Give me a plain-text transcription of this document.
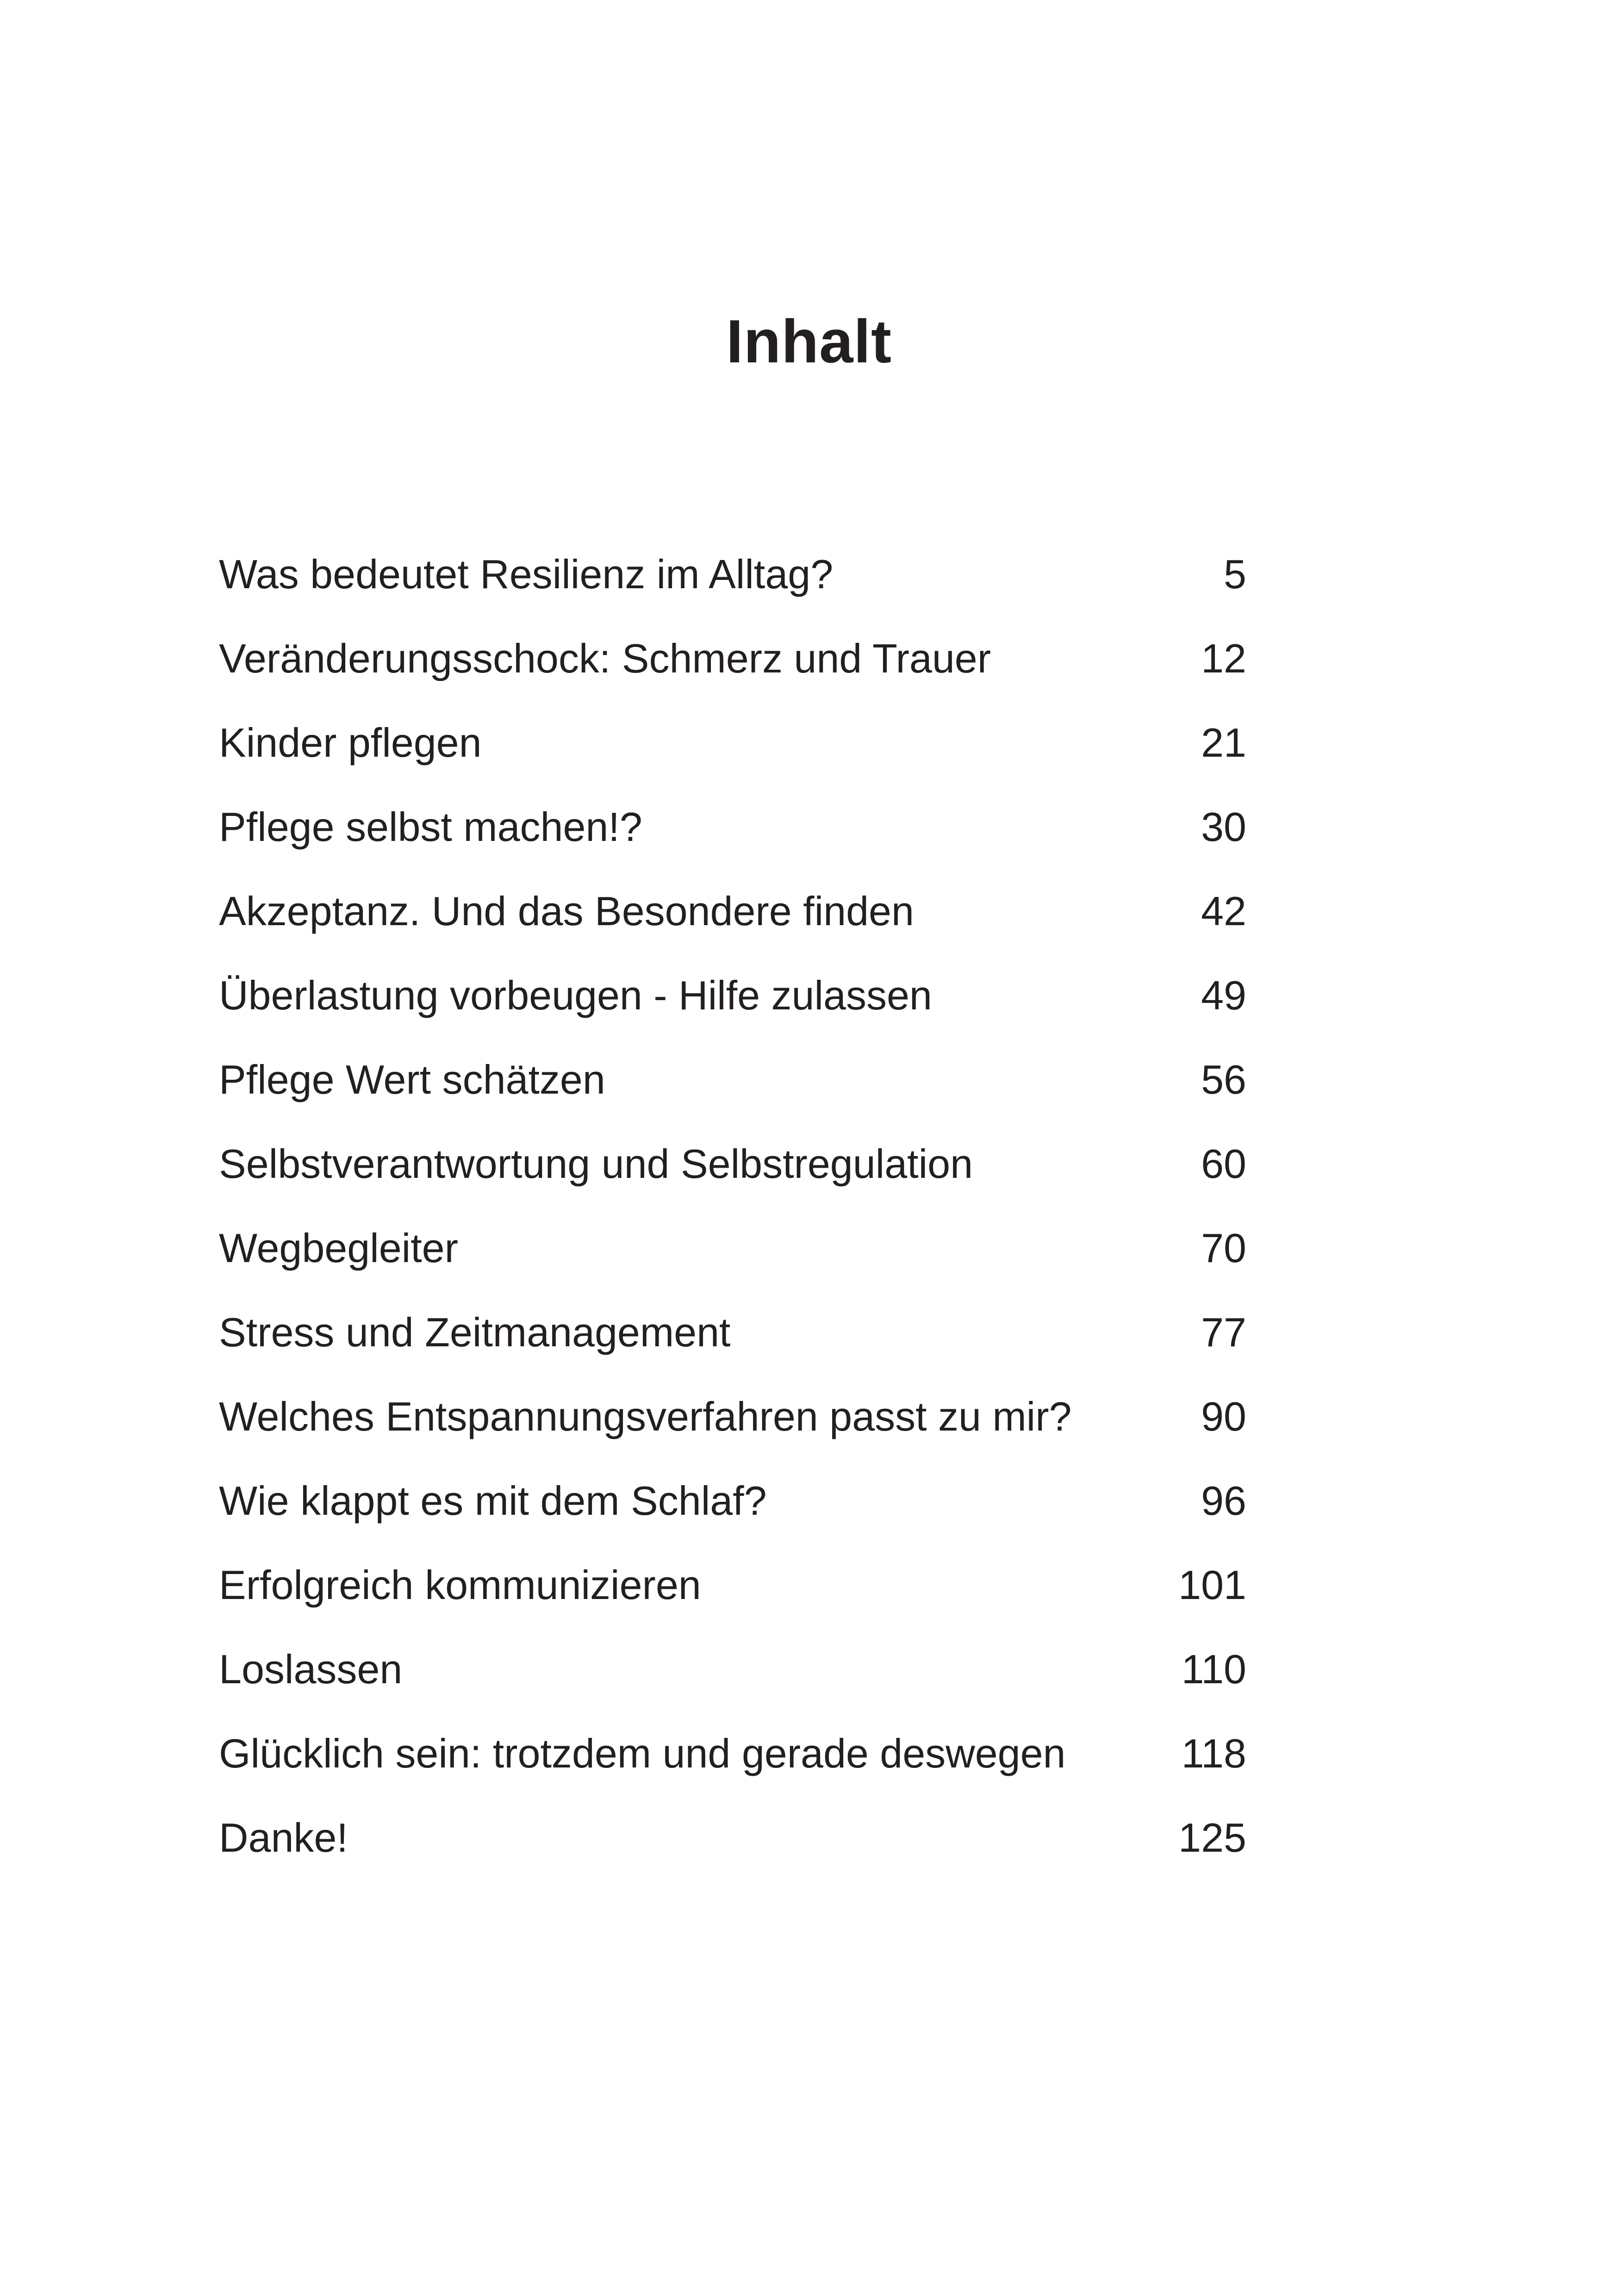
Inhalt
Was bedeutet Resilienz im Alltag?	5
Veränderungsschock: Schmerz und Trauer	12
Kinder pflegen	21
Pflege selbst machen!?	30
Akzeptanz. Und das Besondere finden	42
Überlastung vorbeugen - Hilfe zulassen	49
Pflege Wert schätzen	56
Selbstverantwortung und Selbstregulation	60
Wegbegleiter	70
Stress und Zeitmanagement	77
Welches Entspannungsverfahren passt zu mir?	90
Wie klappt es mit dem Schlaf?	96
Erfolgreich kommunizieren	101
Loslassen	110
Glücklich sein: trotzdem und gerade deswegen	118
Danke!	125
